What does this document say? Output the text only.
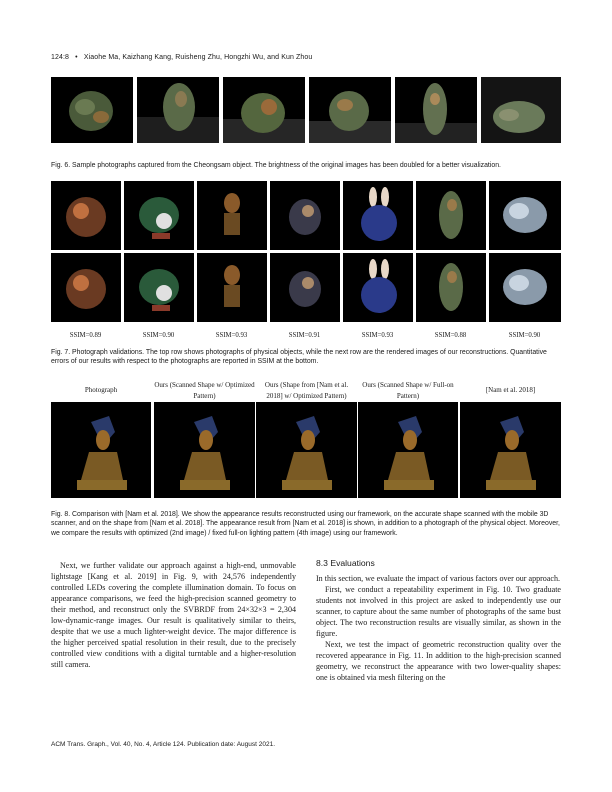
124:8 • Xiaohe Ma, Kaizhang Kang, Ruisheng Zhu, Hongzhi Wu, and Kun Zhou
Fig. 6. Sample photographs captured from the Cheongsam object. The brightness of the original images has been doubled for a better visualization.
SSIM=0.89	SSIM=0.90	SSIM=0.93	SSIM=0.91	SSIM=0.93	SSIM=0.88	SSIM=0.90
Fig. 7. Photograph validations. The top row shows photographs of physical objects, while the next row are the rendered images of our reconstructions. Quantitative errors of our results with respect to the photographs are reported in SSIM at the bottom.
Photograph
Ours (Scanned Shape w/ Optimized Pattern)
Ours (Shape from [Nam et al. 2018] w/ Optimized Pattern)
Ours (Scanned Shape w/ Full-on Pattern)
[Nam et al. 2018]
Fig. 8. Comparison with [Nam et al. 2018]. We show the appearance results reconstructed using our framework, on the accurate shape scanned with the mobile 3D scanner, and on the shape from [Nam et al. 2018]. The appearance result from [Nam et al. 2018] is shown, in addition to a photograph of the physical object. Moreover, we compare the results with optimized (2nd image) / fixed full-on lighting pattern (4th image) using our framework.

Next, we further validate our approach against a high-end, unmovable lightstage [Kang et al. 2019] in Fig. 9, with 24,576 independently controlled LEDs covering the complete illumination domain. To focus on appearance comparisons, we feed the high-precision scanned geometry to their method, and reconstruct only the SVBRDF from 24×32×3 = 2,304 low-dynamic-range images. Our result is qualitatively similar to theirs, despite that we use a much lighter-weight device. The major difference is the higher perceived spatial resolution in their result, due to the precisely controlled view conditions with a digital turntable and a higher-resolution still camera.

8.3 Evaluations

In this section, we evaluate the impact of various factors over our approach.

First, we conduct a repeatability experiment in Fig. 10. Two graduate students not involved in this project are asked to independently use our scanner, to capture about the same number of photographs of the same bust object. The two reconstruction results are visually similar, as shown in the figure.

Next, we test the impact of geometric reconstruction quality over the recovered appearance in Fig. 11. In addition to the high-precision scanned geometry, we reconstruct the appearance with two lower-quality shapes: one is obtained via mesh filtering on the

ACM Trans. Graph., Vol. 40, No. 4, Article 124. Publication date: August 2021.
